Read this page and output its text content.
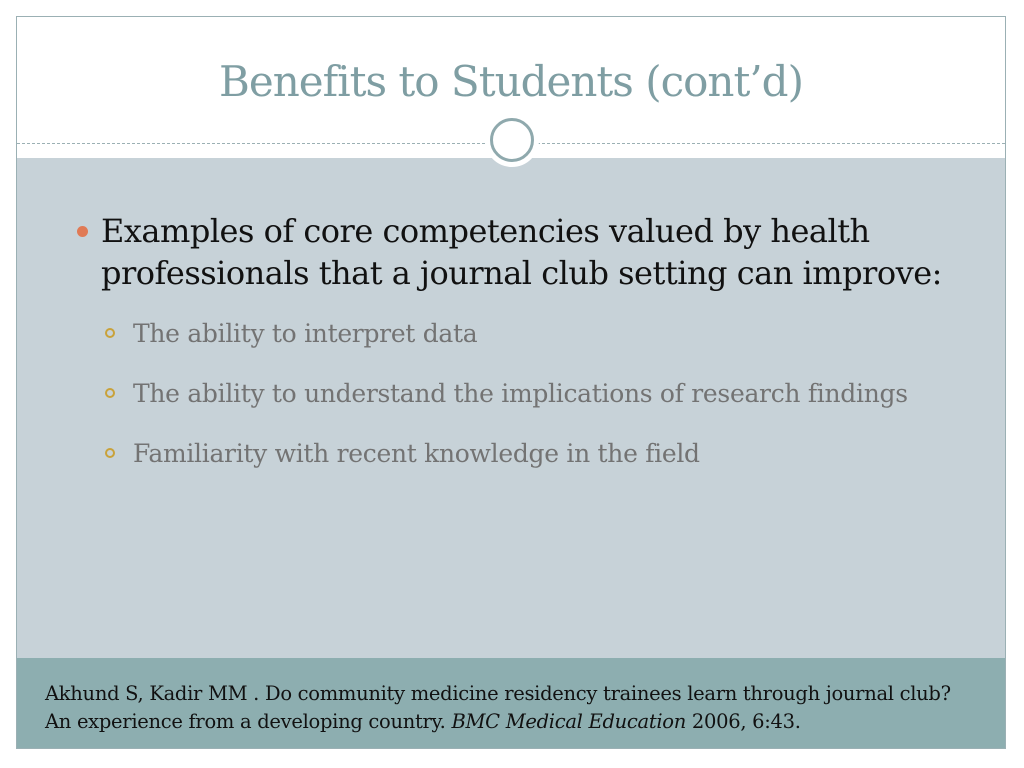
Benefits to Students (cont’d)
Examples of core competencies valued by health professionals that a journal club setting can improve:
The ability to interpret data
The ability to understand the implications of research findings
Familiarity with recent knowledge in the field
Akhund S, Kadir MM . Do community medicine residency trainees learn through journal club? An experience from a developing country. BMC Medical Education 2006, 6:43.
